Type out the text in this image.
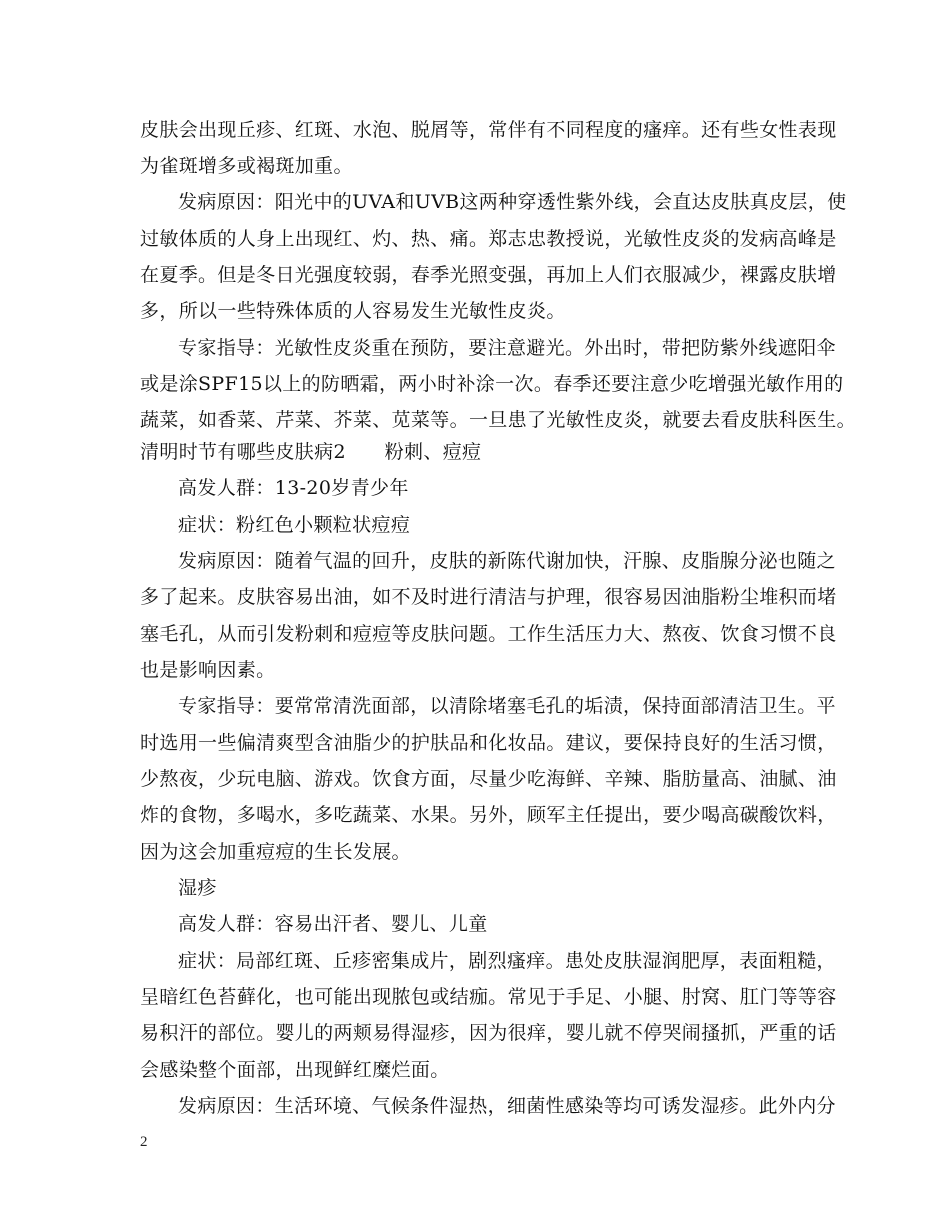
皮肤会出现丘疹、红斑、水泡、脱屑等，常伴有不同程度的瘙痒。还有些女性表现
为雀斑增多或褐斑加重。
发病原因：阳光中的UVA和UVB这两种穿透性紫外线，会直达皮肤真皮层，使
过敏体质的人身上出现红、灼、热、痛。郑志忠教授说，光敏性皮炎的发病高峰是
在夏季。但是冬日光强度较弱，春季光照变强，再加上人们衣服减少，裸露皮肤增
多，所以一些特殊体质的人容易发生光敏性皮炎。
专家指导：光敏性皮炎重在预防，要注意避光。外出时，带把防紫外线遮阳伞
或是涂SPF15以上的防晒霜，两小时补涂一次。春季还要注意少吃增强光敏作用的
蔬菜，如香菜、芹菜、芥菜、苋菜等。一旦患了光敏性皮炎，就要去看皮肤科医生。
清明时节有哪些皮肤病2　　粉刺、痘痘
高发人群：13-20岁青少年
症状：粉红色小颗粒状痘痘
发病原因：随着气温的回升，皮肤的新陈代谢加快，汗腺、皮脂腺分泌也随之
多了起来。皮肤容易出油，如不及时进行清洁与护理，很容易因油脂粉尘堆积而堵
塞毛孔，从而引发粉刺和痘痘等皮肤问题。工作生活压力大、熬夜、饮食习惯不良
也是影响因素。
专家指导：要常常清洗面部，以清除堵塞毛孔的垢渍，保持面部清洁卫生。平
时选用一些偏清爽型含油脂少的护肤品和化妆品。建议，要保持良好的生活习惯，
少熬夜，少玩电脑、游戏。饮食方面，尽量少吃海鲜、辛辣、脂肪量高、油腻、油
炸的食物，多喝水，多吃蔬菜、水果。另外，顾军主任提出，要少喝高碳酸饮料，
因为这会加重痘痘的生长发展。
湿疹
高发人群：容易出汗者、婴儿、儿童
症状：局部红斑、丘疹密集成片，剧烈瘙痒。患处皮肤湿润肥厚，表面粗糙，
呈暗红色苔藓化，也可能出现脓包或结痂。常见于手足、小腿、肘窝、肛门等等容
易积汗的部位。婴儿的两颊易得湿疹，因为很痒，婴儿就不停哭闹搔抓，严重的话
会感染整个面部，出现鲜红糜烂面。
发病原因：生活环境、气候条件湿热，细菌性感染等均可诱发湿疹。此外内分
2
